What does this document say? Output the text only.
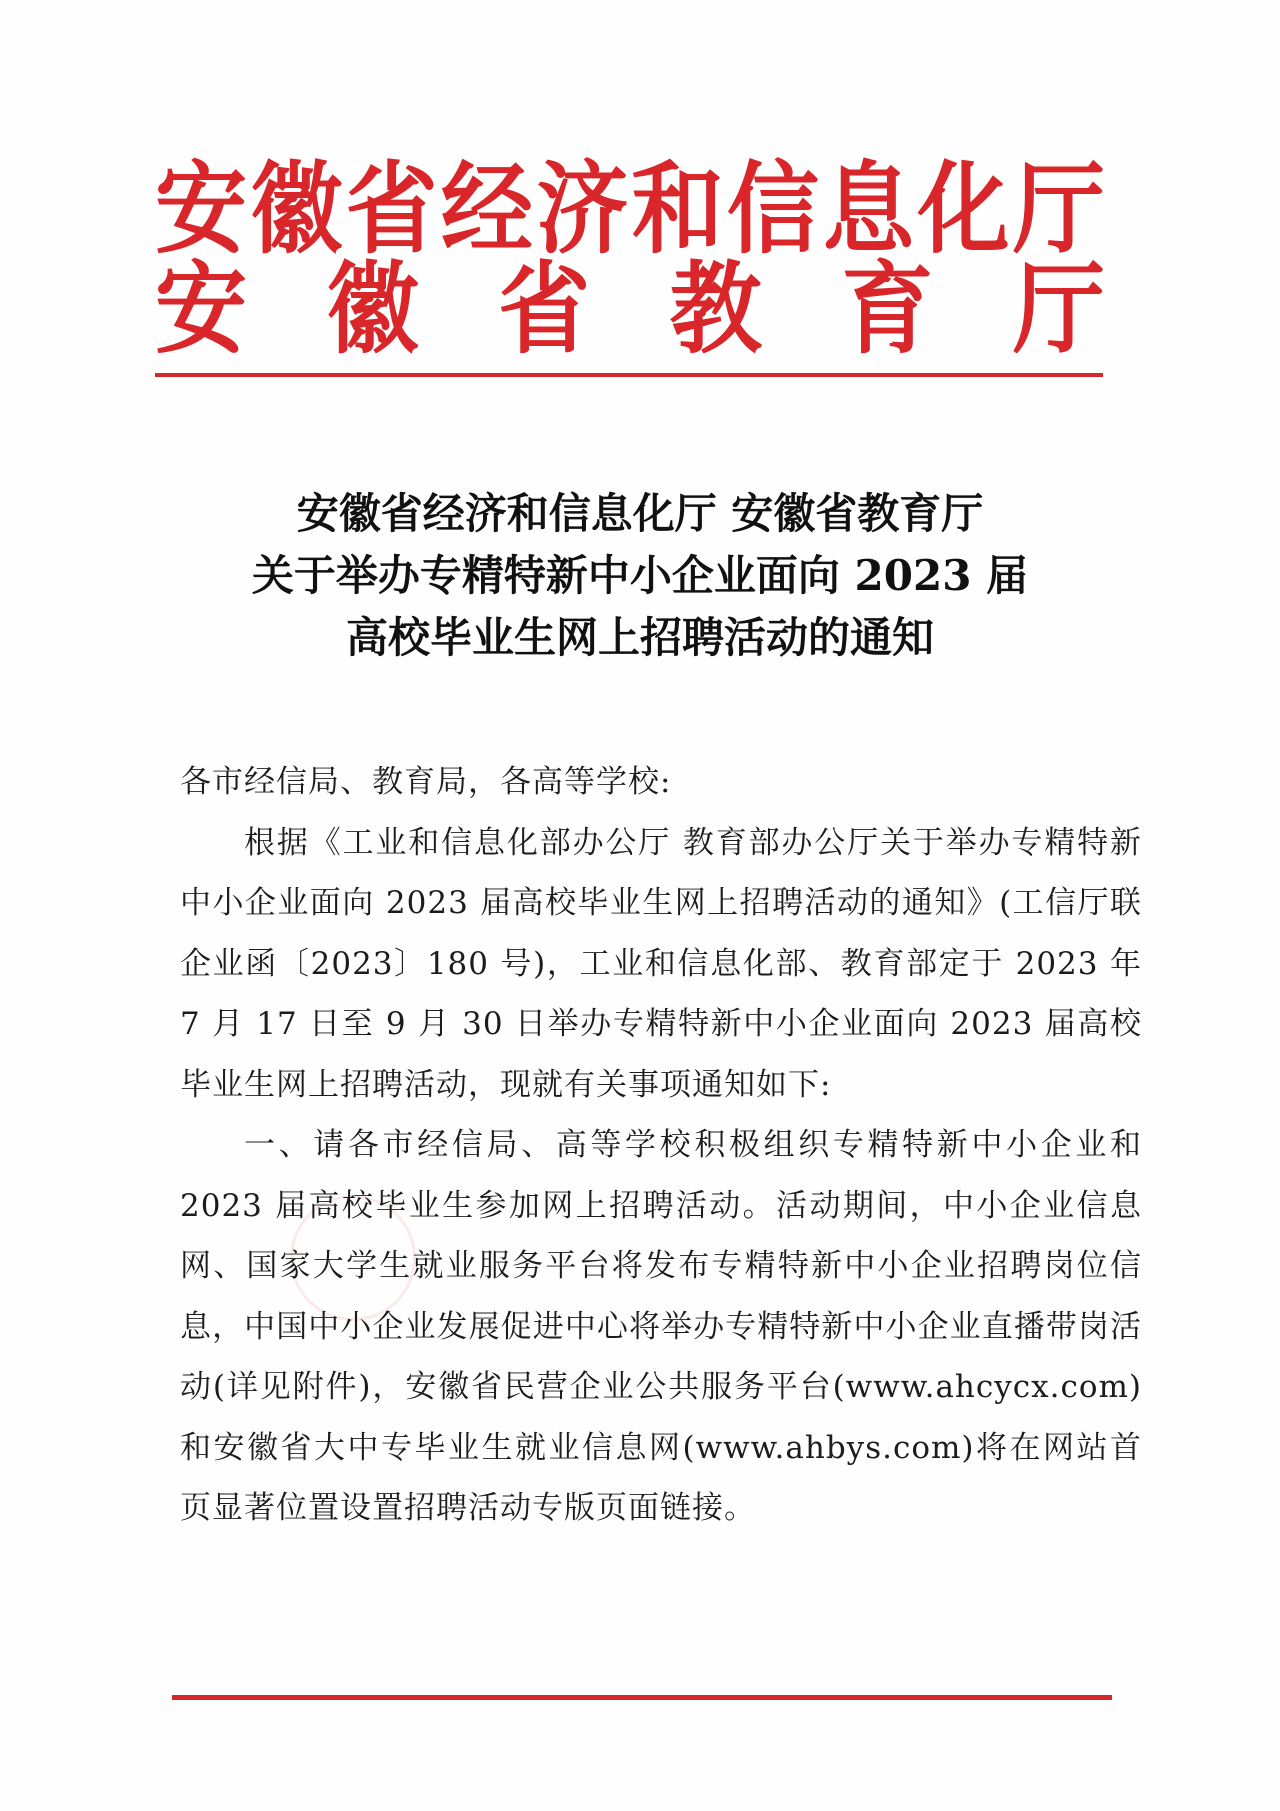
安 徽 省 经 济 和 信 息 化 厅
安 徽 省 教 育 厅
安徽省经济和信息化厅 安徽省教育厅
关于举办专精特新中小企业面向 2023 届
高校毕业生网上招聘活动的通知

各市经信局、教育局，各高等学校:

根据《工业和信息化部办公厅 教育部办公厅关于举办专精特新中小企业面向 2023 届高校毕业生网上招聘活动的通知》(工信厅联企业函〔2023〕180 号)，工业和信息化部、教育部定于 2023 年 7 月 17 日至 9 月 30 日举办专精特新中小企业面向 2023 届高校毕业生网上招聘活动，现就有关事项通知如下:

一、请各市经信局、高等学校积极组织专精特新中小企业和 2023 届高校毕业生参加网上招聘活动。活动期间，中小企业信息网、国家大学生就业服务平台将发布专精特新中小企业招聘岗位信息，中国中小企业发展促进中心将举办专精特新中小企业直播带岗活动(详见附件)，安徽省民营企业公共服务平台(www.ahcycx.com)和安徽省大中专毕业生就业信息网(www.ahbys.com)将在网站首页显著位置设置招聘活动专版页面链接。
